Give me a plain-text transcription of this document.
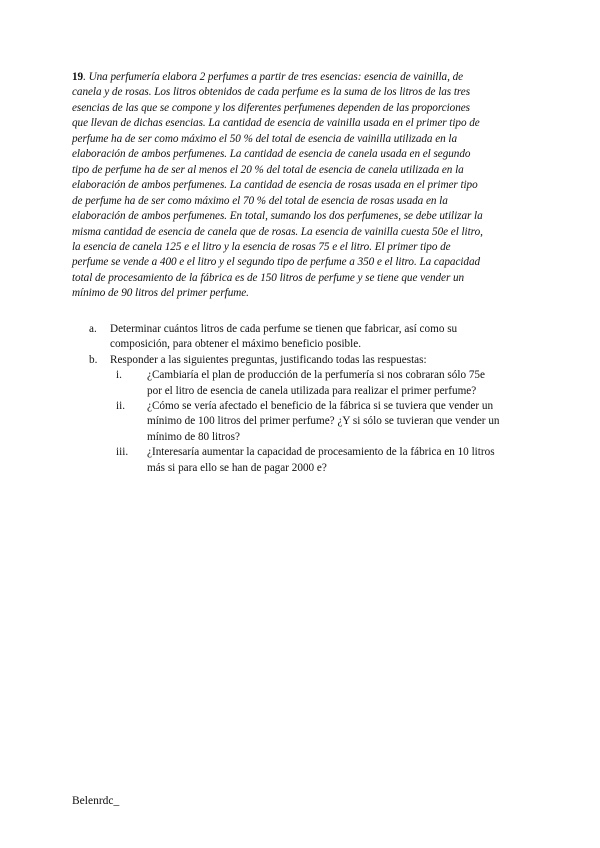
19. Una perfumería elabora 2 perfumes a partir de tres esencias: esencia de vainilla, de
canela y de rosas. Los litros obtenidos de cada perfume es la suma de los litros de las tres
esencias de las que se compone y los diferentes perfumenes dependen de las proporciones
que llevan de dichas esencias. La cantidad de esencia de vainilla usada en el primer tipo de
perfume ha de ser como máximo el 50 % del total de esencia de vainilla utilizada en la
elaboración de ambos perfumenes. La cantidad de esencia de canela usada en el segundo
tipo de perfume ha de ser al menos el 20 % del total de esencia de canela utilizada en la
elaboración de ambos perfumenes. La cantidad de esencia de rosas usada en el primer tipo
de perfume ha de ser como máximo el 70 % del total de esencia de rosas usada en la
elaboración de ambos perfumenes. En total, sumando los dos perfumenes, se debe utilizar la
misma cantidad de esencia de canela que de rosas. La esencia de vainilla cuesta 50e el litro,
la esencia de canela 125 e el litro y la esencia de rosas 75 e el litro. El primer tipo de
perfume se vende a 400 e el litro y el segundo tipo de perfume a 350 e el litro. La capacidad
total de procesamiento de la fábrica es de 150 litros de perfume y se tiene que vender un
mínimo de 90 litros del primer perfume.
a. Determinar cuántos litros de cada perfume se tienen que fabricar, así como su
composición, para obtener el máximo beneficio posible.
b. Responder a las siguientes preguntas, justificando todas las respuestas:
i. ¿Cambiaría el plan de producción de la perfumería si nos cobraran sólo 75e
por el litro de esencia de canela utilizada para realizar el primer perfume?
ii. ¿Cómo se vería afectado el beneficio de la fábrica si se tuviera que vender un
mínimo de 100 litros del primer perfume? ¿Y si sólo se tuvieran que vender un
mínimo de 80 litros?
iii. ¿Interesaría aumentar la capacidad de procesamiento de la fábrica en 10 litros
más si para ello se han de pagar 2000 e?
Belenrdc_
